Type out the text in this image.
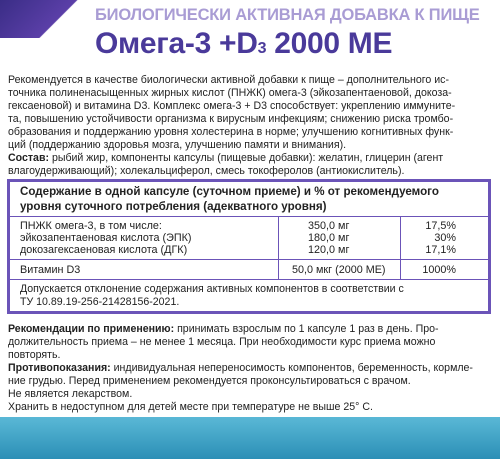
БИОЛОГИЧЕСКИ АКТИВНАЯ ДОБАВКА К ПИЩЕ
Омега-3 +D3 2000 МЕ

Рекомендуется в качестве биологически активной добавки к пище – дополнительного ис-

точника полиненасыщенных жирных кислот (ПНЖК) омега-3 (эйкозапентаеновой, докоза-

гексаеновой) и витамина D3. Комплекс омега-3 + D3 способствует: укреплению иммуните-

та, повышению устойчивости организма к вирусным инфекциям; снижению риска тромбо-

образования и поддержанию уровня холестерина в норме; улучшению когнитивных функ-

ций (поддержанию здоровья мозга, улучшению памяти и внимания).

Состав: рыбий жир, компоненты капсулы (пищевые добавки): желатин, глицерин (агент

влагоудерживающий); холекальциферол, смесь токоферолов (антиокислитель).

Содержание в одной капсуле (суточном приеме) и % от рекомендуемого
уровня суточного потребления (адекватного уровня)
ПНЖК омега-3, в том числе:	350,0 мг	17,5%
эйкозапентаеновая кислота (ЭПК)	180,0 мг	30%
докозагексаеновая кислота (ДГК)	120,0 мг	17,1%
Витамин D3	50,0 мкг (2000 МЕ)	1000%
Допускается отклонение содержания активных компонентов в соответствии с
ТУ 10.89.19-256-21428156-2021.

Рекомендации по применению: принимать взрослым по 1 капсуле 1 раз в день. Про-

должительность приема – не менее 1 месяца. При необходимости курс приема можно

повторять.

Противопоказания: индивидуальная непереносимость компонентов, беременность, кормле-

ние грудью. Перед применением рекомендуется проконсультироваться с врачом.

Не является лекарством.

Хранить в недоступном для детей месте при температуре не выше 25° С.
